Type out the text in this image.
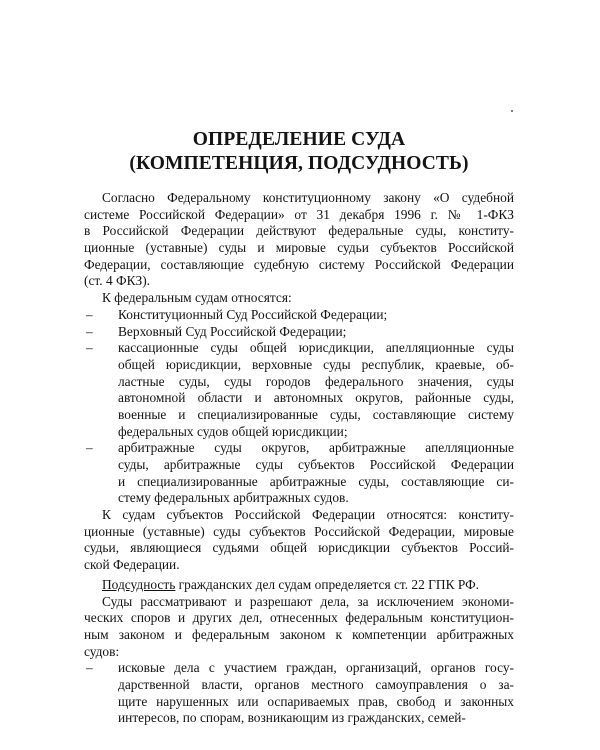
ОПРЕДЕЛЕНИЕ СУДА
(КОМПЕТЕНЦИЯ, ПОДСУДНОСТЬ)
Согласно Федеральному конституционному закону «О судебной
системе Российской Федерации» от 31 декабря 1996 г. № 1-ФКЗ
в Российской Федерации действуют федеральные суды, конститу-
ционные (уставные) суды и мировые судьи субъектов Российской
Федерации, составляющие судебную систему Российской Федерации
(ст. 4 ФКЗ).
К федеральным судам относятся:
Конституционный Суд Российской Федерации;
–
Верховный Суд Российской Федерации;
–
кассационные суды общей юрисдикции, апелляционные суды
–
общей юрисдикции, верховные суды республик, краевые, об-
ластные суды, суды городов федерального значения, суды
автономной области и автономных округов, районные суды,
военные и специализированные суды, составляющие систему
федеральных судов общей юрисдикции;
арбитражные суды округов, арбитражные апелляционные
–
суды, арбитражные суды субъектов Российской Федерации
и специализированные арбитражные суды, составляющие си-
стему федеральных арбитражных судов.
К судам субъектов Российской Федерации относятся: конститу-
ционные (уставные) суды субъектов Российской Федерации, мировые
судьи, являющиеся судьями общей юрисдикции субъектов Россий-
ской Федерации.
Подсудность гражданских дел судам определяется ст. 22 ГПК РФ.
Суды рассматривают и разрешают дела, за исключением экономи-
ческих споров и других дел, отнесенных федеральным конституцион-
ным законом и федеральным законом к компетенции арбитражных
судов:
исковые дела с участием граждан, организаций, органов госу-
–
дарственной власти, органов местного самоуправления о за-
щите нарушенных или оспариваемых прав, свобод и законных
интересов, по спорам, возникающим из гражданских, семей-
